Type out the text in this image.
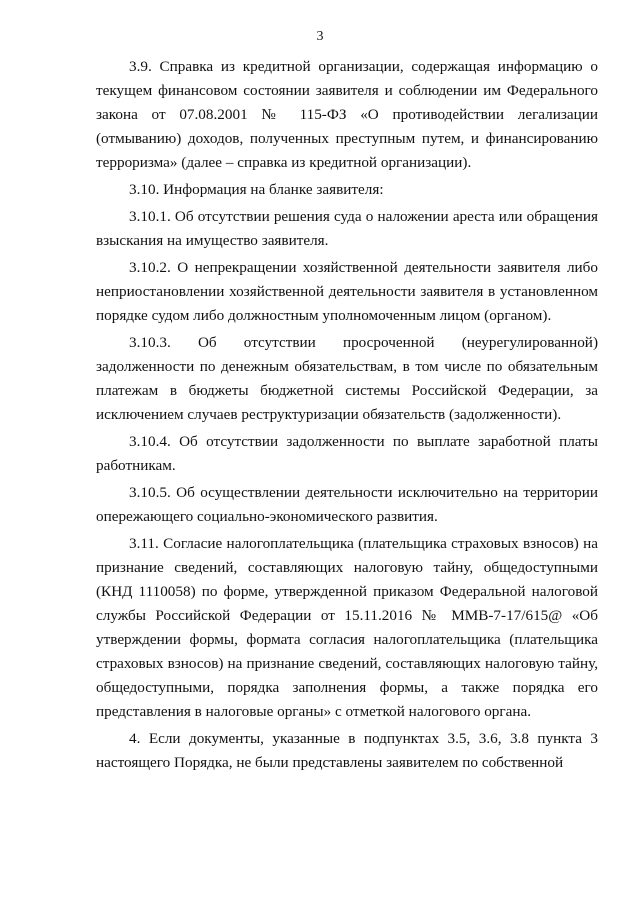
3

3.9. Справка из кредитной организации, содержащая информацию о текущем финансовом состоянии заявителя и соблюдении им Федерального закона от 07.08.2001 № 115-ФЗ «О противодействии легализации (отмыванию) доходов, полученных преступным путем, и финансированию терроризма» (далее – справка из кредитной организации).

3.10. Информация на бланке заявителя:

3.10.1. Об отсутствии решения суда о наложении ареста или обращения взыскания на имущество заявителя.

3.10.2. О непрекращении хозяйственной деятельности заявителя либо неприостановлении хозяйственной деятельности заявителя в установленном порядке судом либо должностным уполномоченным лицом (органом).

3.10.3. Об отсутствии просроченной (неурегулированной) задолженности по денежным обязательствам, в том числе по обязательным платежам в бюджеты бюджетной системы Российской Федерации, за исключением случаев реструктуризации обязательств (задолженности).

3.10.4. Об отсутствии задолженности по выплате заработной платы работникам.

3.10.5. Об осуществлении деятельности исключительно на территории опережающего социально-экономического развития.

3.11. Согласие налогоплательщика (плательщика страховых взносов) на признание сведений, составляющих налоговую тайну, общедоступными (КНД 1110058) по форме, утвержденной приказом Федеральной налоговой службы Российской Федерации от 15.11.2016 № ММВ-7-17/615@ «Об утверждении формы, формата согласия налогоплательщика (плательщика страховых взносов) на признание сведений, составляющих налоговую тайну, общедоступными, порядка заполнения формы, а также порядка его представления в налоговые органы» с отметкой налогового органа.

4. Если документы, указанные в подпунктах 3.5, 3.6, 3.8 пункта 3 настоящего Порядка, не были представлены заявителем по собственной
